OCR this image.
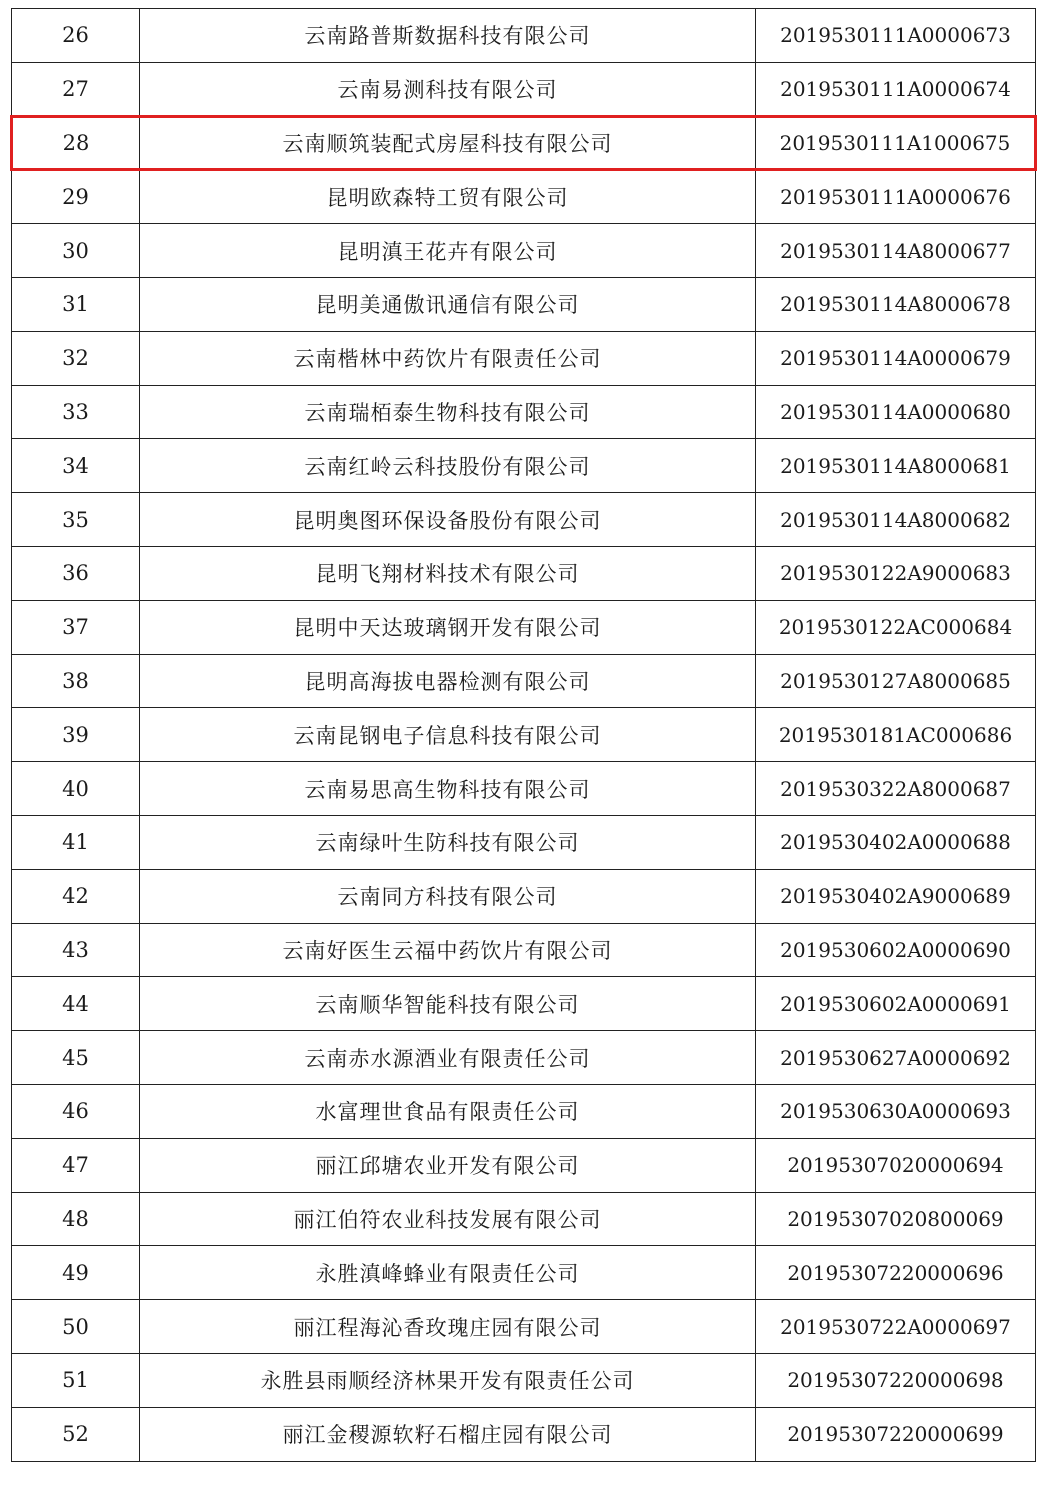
26	云南路普斯数据科技有限公司	2019530111A0000673
27	云南易测科技有限公司	2019530111A0000674
28	云南顺筑装配式房屋科技有限公司	2019530111A1000675
29	昆明欧森特工贸有限公司	2019530111A0000676
30	昆明滇王花卉有限公司	2019530114A8000677
31	昆明美通傲讯通信有限公司	2019530114A8000678
32	云南楷林中药饮片有限责任公司	2019530114A0000679
33	云南瑞栢泰生物科技有限公司	2019530114A0000680
34	云南红岭云科技股份有限公司	2019530114A8000681
35	昆明奥图环保设备股份有限公司	2019530114A8000682
36	昆明飞翔材料技术有限公司	2019530122A9000683
37	昆明中天达玻璃钢开发有限公司	2019530122AC000684
38	昆明高海拔电器检测有限公司	2019530127A8000685
39	云南昆钢电子信息科技有限公司	2019530181AC000686
40	云南易思高生物科技有限公司	2019530322A8000687
41	云南绿叶生防科技有限公司	2019530402A0000688
42	云南同方科技有限公司	2019530402A9000689
43	云南好医生云福中药饮片有限公司	2019530602A0000690
44	云南顺华智能科技有限公司	2019530602A0000691
45	云南赤水源酒业有限责任公司	2019530627A0000692
46	水富理世食品有限责任公司	2019530630A0000693
47	丽江邱塘农业开发有限公司	20195307020000694
48	丽江伯符农业科技发展有限公司	20195307020800069
49	永胜滇峰蜂业有限责任公司	20195307220000696
50	丽江程海沁香玫瑰庄园有限公司	2019530722A0000697
51	永胜县雨顺经济林果开发有限责任公司	20195307220000698
52	丽江金稷源软籽石榴庄园有限公司	20195307220000699
